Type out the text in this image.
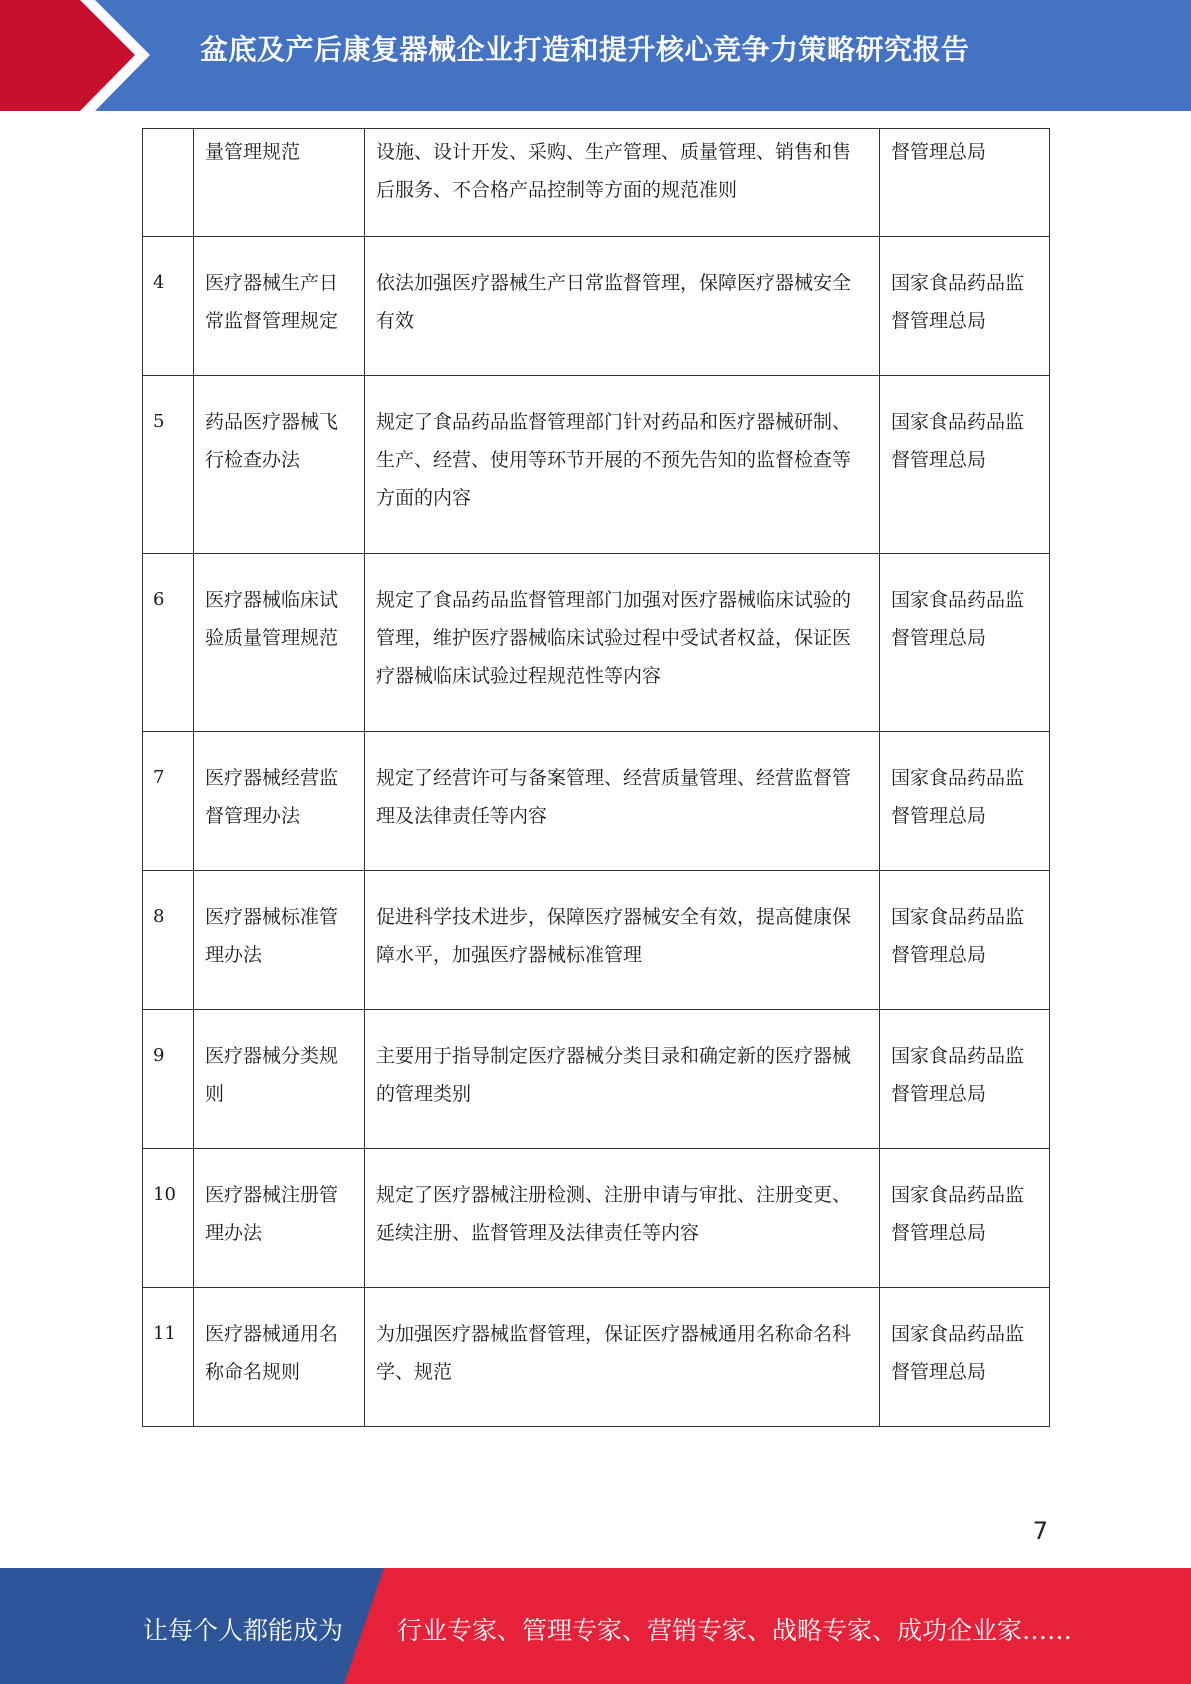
盆底及产后康复器械企业打造和提升核心竞争力策略研究报告
	量管理规范	设施、设计开发、采购、生产管理、质量管理、销售和售后服务、不合格产品控制等方面的规范准则	督管理总局
4	医疗器械生产日常监督管理规定	依法加强医疗器械生产日常监督管理，保障医疗器械安全有效	国家食品药品监督管理总局
5	药品医疗器械飞行检查办法	规定了食品药品监督管理部门针对药品和医疗器械研制、生产、经营、使用等环节开展的不预先告知的监督检查等方面的内容	国家食品药品监督管理总局
6	医疗器械临床试验质量管理规范	规定了食品药品监督管理部门加强对医疗器械临床试验的管理，维护医疗器械临床试验过程中受试者权益，保证医疗器械临床试验过程规范性等内容	国家食品药品监督管理总局
7	医疗器械经营监督管理办法	规定了经营许可与备案管理、经营质量管理、经营监督管理及法律责任等内容	国家食品药品监督管理总局
8	医疗器械标准管理办法	促进科学技术进步，保障医疗器械安全有效，提高健康保障水平，加强医疗器械标准管理	国家食品药品监督管理总局
9	医疗器械分类规则	主要用于指导制定医疗器械分类目录和确定新的医疗器械的管理类别	国家食品药品监督管理总局
10	医疗器械注册管理办法	规定了医疗器械注册检测、注册申请与审批、注册变更、延续注册、监督管理及法律责任等内容	国家食品药品监督管理总局
11	医疗器械通用名称命名规则	为加强医疗器械监督管理，保证医疗器械通用名称命名科学、规范	国家食品药品监督管理总局
7
让每个人都能成为 行业专家、管理专家、营销专家、战略专家、成功企业家……
